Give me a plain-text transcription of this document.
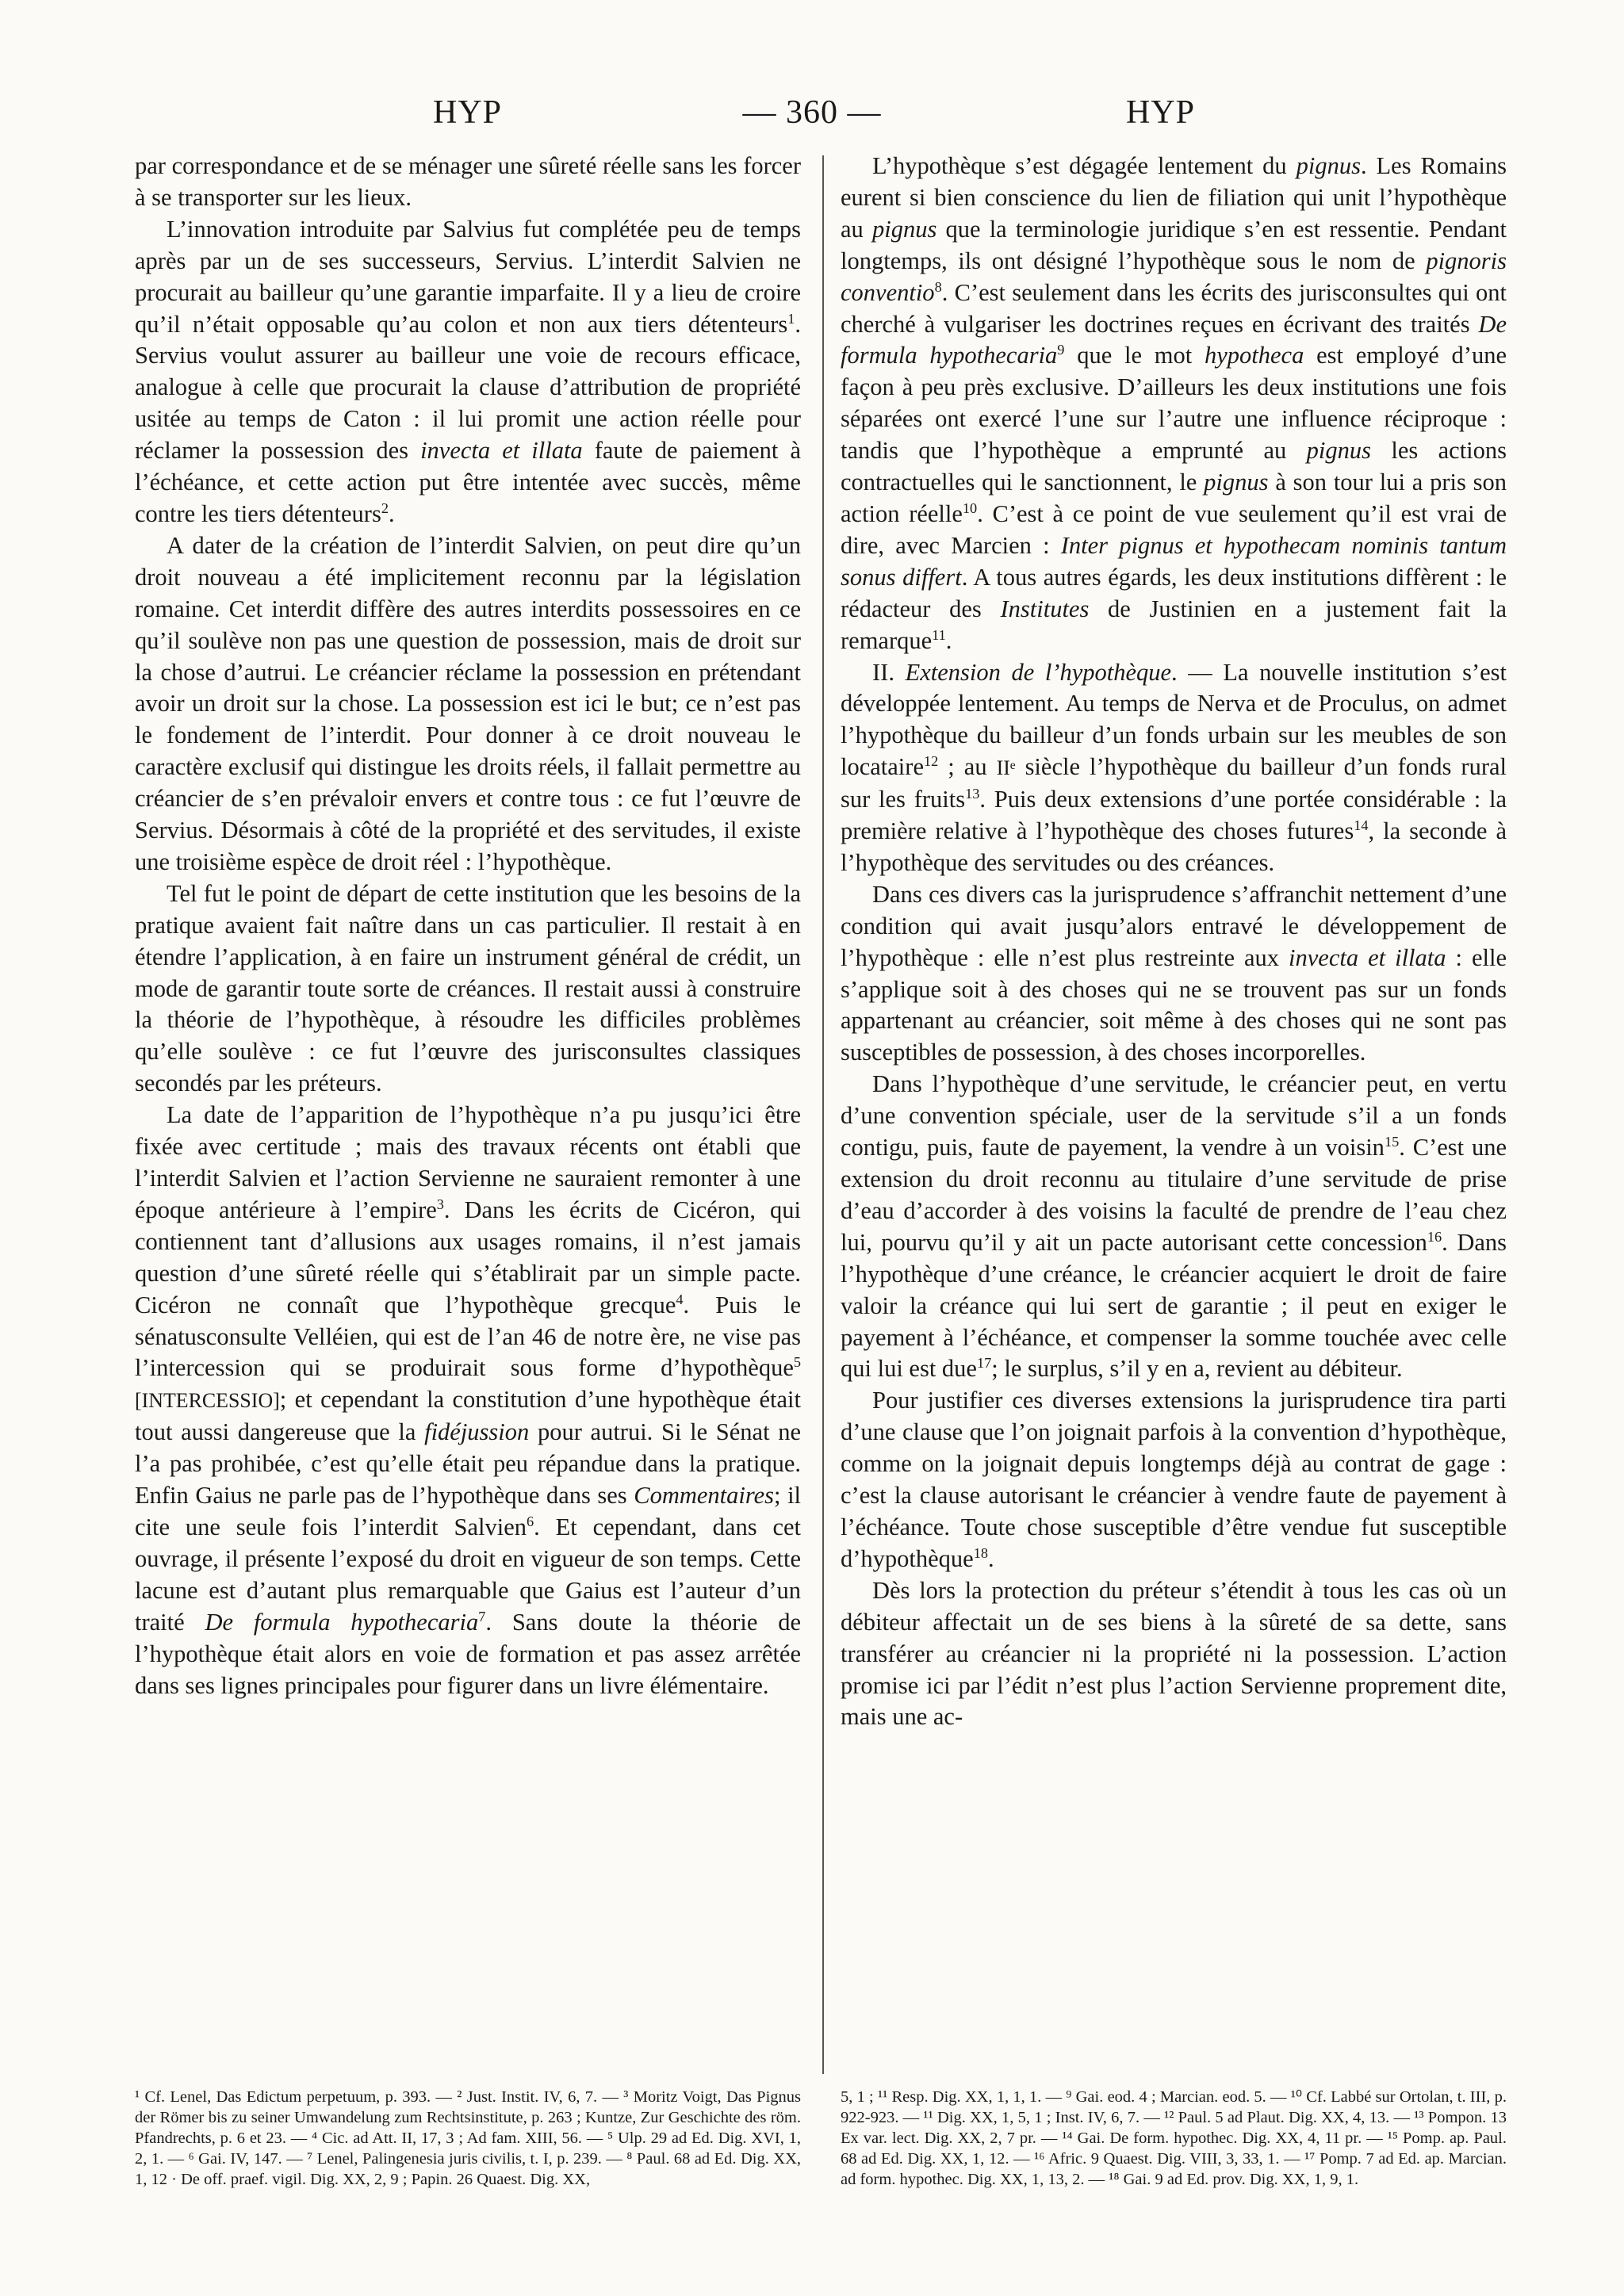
HYP	— 360 —	HYP

par correspondance et de se ménager une sûreté réelle sans les forcer à se transporter sur les lieux.

L’innovation introduite par Salvius fut complétée peu de temps après par un de ses successeurs, Servius. L’interdit Salvien ne procurait au bailleur qu’une garantie imparfaite. Il y a lieu de croire qu’il n’était opposable qu’au colon et non aux tiers détenteurs$^1$. Servius voulut assurer au bailleur une voie de recours efficace, analogue à celle que procurait la clause d’attribution de propriété usitée au temps de Caton : il lui promit une action réelle pour réclamer la possession des invecta et illata faute de paiement à l’échéance, et cette action put être intentée avec succès, même contre les tiers détenteurs$^2$.

A dater de la création de l’interdit Salvien, on peut dire qu’un droit nouveau a été implicitement reconnu par la législation romaine. Cet interdit diffère des autres interdits possessoires en ce qu’il soulève non pas une question de possession, mais de droit sur la chose d’autrui. Le créancier réclame la possession en prétendant avoir un droit sur la chose. La possession est ici le but; ce n’est pas le fondement de l’interdit. Pour donner à ce droit nouveau le caractère exclusif qui distingue les droits réels, il fallait permettre au créancier de s’en prévaloir envers et contre tous : ce fut l’œuvre de Servius. Désormais à côté de la propriété et des servitudes, il existe une troisième espèce de droit réel : l’hypothèque.

Tel fut le point de départ de cette institution que les besoins de la pratique avaient fait naître dans un cas particulier. Il restait à en étendre l’application, à en faire un instrument général de crédit, un mode de garantir toute sorte de créances. Il restait aussi à construire la théorie de l’hypothèque, à résoudre les difficiles problèmes qu’elle soulève : ce fut l’œuvre des jurisconsultes classiques secondés par les préteurs.

La date de l’apparition de l’hypothèque n’a pu jusqu’ici être fixée avec certitude ; mais des travaux récents ont établi que l’interdit Salvien et l’action Servienne ne sauraient remonter à une époque antérieure à l’empire$^3$. Dans les écrits de Cicéron, qui contiennent tant d’allusions aux usages romains, il n’est jamais question d’une sûreté réelle qui s’établirait par un simple pacte. Cicéron ne connaît que l’hypothèque grecque$^4$. Puis le sénatusconsulte Velléien, qui est de l’an 46 de notre ère, ne vise pas l’intercession qui se produirait sous forme d’hypothèque$^5$ [INTERCESSIO]; et cependant la constitution d’une hypothèque était tout aussi dangereuse que la fidéjussion pour autrui. Si le Sénat ne l’a pas prohibée, c’est qu’elle était peu répandue dans la pratique. Enfin Gaius ne parle pas de l’hypothèque dans ses Commentaires; il cite une seule fois l’interdit Salvien$^6$. Et cependant, dans cet ouvrage, il présente l’exposé du droit en vigueur de son temps. Cette lacune est d’autant plus remarquable que Gaius est l’auteur d’un traité De formula hypothecaria$^7$. Sans doute la théorie de l’hypothèque était alors en voie de formation et pas assez arrêtée dans ses lignes principales pour figurer dans un livre élémentaire.

L’hypothèque s’est dégagée lentement du pignus. Les Romains eurent si bien conscience du lien de filiation qui unit l’hypothèque au pignus que la terminologie juridique s’en est ressentie. Pendant longtemps, ils ont désigné l’hypothèque sous le nom de pignoris conventio$^8$. C’est seulement dans les écrits des jurisconsultes qui ont cherché à vulgariser les doctrines reçues en écrivant des traités De formula hypothecaria$^9$ que le mot hypotheca est employé d’une façon à peu près exclusive. D’ailleurs les deux institutions une fois séparées ont exercé l’une sur l’autre une influence réciproque : tandis que l’hypothèque a emprunté au pignus les actions contractuelles qui le sanctionnent, le pignus à son tour lui a pris son action réelle$^{10}$. C’est à ce point de vue seulement qu’il est vrai de dire, avec Marcien : Inter pignus et hypothecam nominis tantum sonus differt. A tous autres égards, les deux institutions diffèrent : le rédacteur des Institutes de Justinien en a justement fait la remarque$^{11}$.

II. Extension de l’hypothèque. — La nouvelle institution s’est développée lentement. Au temps de Nerva et de Proculus, on admet l’hypothèque du bailleur d’un fonds urbain sur les meubles de son locataire$^{12}$ ; au IIᵉ siècle l’hypothèque du bailleur d’un fonds rural sur les fruits$^{13}$. Puis deux extensions d’une portée considérable : la première relative à l’hypothèque des choses futures$^{14}$, la seconde à l’hypothèque des servitudes ou des créances.

Dans ces divers cas la jurisprudence s’affranchit nettement d’une condition qui avait jusqu’alors entravé le développement de l’hypothèque : elle n’est plus restreinte aux invecta et illata : elle s’applique soit à des choses qui ne se trouvent pas sur un fonds appartenant au créancier, soit même à des choses qui ne sont pas susceptibles de possession, à des choses incorporelles.

Dans l’hypothèque d’une servitude, le créancier peut, en vertu d’une convention spéciale, user de la servitude s’il a un fonds contigu, puis, faute de payement, la vendre à un voisin$^{15}$. C’est une extension du droit reconnu au titulaire d’une servitude de prise d’eau d’accorder à des voisins la faculté de prendre de l’eau chez lui, pourvu qu’il y ait un pacte autorisant cette concession$^{16}$. Dans l’hypothèque d’une créance, le créancier acquiert le droit de faire valoir la créance qui lui sert de garantie ; il peut en exiger le payement à l’échéance, et compenser la somme touchée avec celle qui lui est due$^{17}$; le surplus, s’il y en a, revient au débiteur.

Pour justifier ces diverses extensions la jurisprudence tira parti d’une clause que l’on joignait parfois à la convention d’hypothèque, comme on la joignait depuis longtemps déjà au contrat de gage : c’est la clause autorisant le créancier à vendre faute de payement à l’échéance. Toute chose susceptible d’être vendue fut susceptible d’hypothèque$^{18}$.

Dès lors la protection du préteur s’étendit à tous les cas où un débiteur affectait un de ses biens à la sûreté de sa dette, sans transférer au créancier ni la propriété ni la possession. L’action promise ici par l’édit n’est plus l’action Servienne proprement dite, mais une ac-

¹ Cf. Lenel, Das Edictum perpetuum, p. 393. — ² Just. Instit. IV, 6, 7. — ³ Moritz Voigt, Das Pignus der Römer bis zu seiner Umwandelung zum Rechtsinstitute, p. 263 ; Kuntze, Zur Geschichte des röm. Pfandrechts, p. 6 et 23. — ⁴ Cic. ad Att. II, 17, 3 ; Ad fam. XIII, 56. — ⁵ Ulp. 29 ad Ed. Dig. XVI, 1, 2, 1. — ⁶ Gai. IV, 147. — ⁷ Lenel, Palingenesia juris civilis, t. I, p. 239. — ⁸ Paul. 68 ad Ed. Dig. XX, 1, 12 · De off. praef. vigil. Dig. XX, 2, 9 ; Papin. 26 Quaest. Dig. XX,

5, 1 ; ¹¹ Resp. Dig. XX, 1, 1, 1. — ⁹ Gai. eod. 4 ; Marcian. eod. 5. — ¹⁰ Cf. Labbé sur Ortolan, t. III, p. 922-923. — ¹¹ Dig. XX, 1, 5, 1 ; Inst. IV, 6, 7. — ¹² Paul. 5 ad Plaut. Dig. XX, 4, 13. — ¹³ Pompon. 13 Ex var. lect. Dig. XX, 2, 7 pr. — ¹⁴ Gai. De form. hypothec. Dig. XX, 4, 11 pr. — ¹⁵ Pomp. ap. Paul. 68 ad Ed. Dig. XX, 1, 12. — ¹⁶ Afric. 9 Quaest. Dig. VIII, 3, 33, 1. — ¹⁷ Pomp. 7 ad Ed. ap. Marcian. ad form. hypothec. Dig. XX, 1, 13, 2. — ¹⁸ Gai. 9 ad Ed. prov. Dig. XX, 1, 9, 1.
